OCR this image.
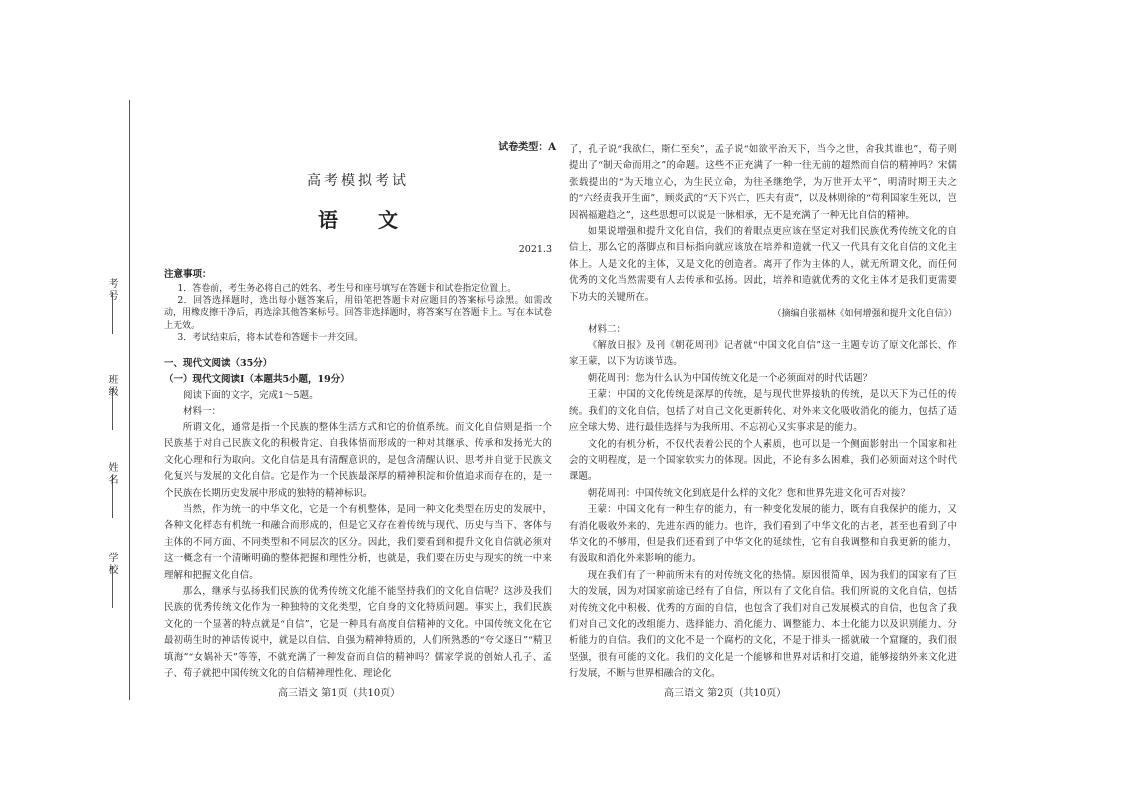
考号
班级
姓名
学校
试卷类型：A
高考模拟考试
语　　文
2021.3

注意事项：

1．答卷前，考生务必将自己的姓名、考生号和座号填写在答题卡和试卷指定位置上。

2．回答选择题时，选出每小题答案后，用铅笔把答题卡对应题目的答案标号涂黑。如需改动，用橡皮擦干净后，再选涂其他答案标号。回答非选择题时，将答案写在答题卡上。写在本试卷上无效。

3．考试结束后，将本试卷和答题卡一并交回。

一、现代文阅读（35分）

（一）现代文阅读Ⅰ（本题共5小题，19分）

阅读下面的文字，完成1～5题。

材料一：

所谓文化，通常是指一个民族的整体生活方式和它的价值系统。而文化自信则是指一个民族基于对自己民族文化的积极肯定、自我体悟而形成的一种对其继承、传承和发扬光大的文化心理和行为取向。文化自信是具有清醒意识的，是包含清醒认识、思考并自觉于民族文化复兴与发展的文化自信。它是作为一个民族最深厚的精神积淀和价值追求而存在的，是一个民族在长期历史发展中形成的独特的精神标识。

当然，作为统一的中华文化，它是一个有机整体，是同一种文化类型在历史的发展中，各种文化样态有机统一和融合而形成的，但是它又存在着传统与现代、历史与当下、客体与主体的不同方面、不同类型和不同层次的区分。因此，我们要看到和提升文化自信就必须对这一概念有一个清晰明确的整体把握和理性分析，也就是，我们要在历史与现实的统一中来理解和把握文化自信。

那么，继承与弘扬我们民族的优秀传统文化能不能坚持我们的文化自信呢？这涉及我们民族的优秀传统文化作为一种独特的文化类型，它自身的文化特质问题。事实上，我们民族文化的一个显著的特点就是“自信”，它是一种具有高度自信精神的文化。中国传统文化在它最初萌生时的神话传说中，就是以自信、自强为精神特质的，人们所熟悉的“夸父逐日”“精卫填海”“女娲补天”等等，不就充满了一种发奋而自信的精神吗？儒家学说的创始人孔子、孟子、荀子就把中国传统文化的自信精神理性化、理论化

了，孔子说“我欲仁，斯仁至矣”，孟子说“如欲平治天下，当今之世，舍我其谁也”，荀子则提出了“制天命而用之”的命题。这些不正充满了一种一往无前的超然而自信的精神吗？宋儒张载提出的“为天地立心，为生民立命，为往圣继绝学，为万世开太平”，明清时期王夫之的“六经责我开生面”，顾炎武的“天下兴亡，匹夫有责”，以及林则徐的“苟利国家生死以，岂因祸福避趋之”，这些思想可以说是一脉相承，无不是充满了一种无比自信的精神。

如果说增强和提升文化自信，我们的着眼点更应该在坚定对我们民族优秀传统文化的自信上，那么它的落脚点和目标指向就应该放在培养和造就一代又一代具有文化自信的文化主体上。人是文化的主体，又是文化的创造者。离开了作为主体的人，就无所谓文化，而任何优秀的文化当然需要有人去传承和弘扬。因此，培养和造就优秀的文化主体才是我们更需要下功夫的关键所在。

（摘编自张福林《如何增强和提升文化自信》）

材料二：

《解放日报》及刊《朝花周刊》记者就“中国文化自信”这一主题专访了原文化部长、作家王蒙，以下为访谈节选。

朝花周刊：您为什么认为中国传统文化是一个必须面对的时代话题？

王蒙：中国的文化传统是深厚的传统，是与现代世界接轨的传统，是以天下为己任的传统。我们的文化自信，包括了对自己文化更新转化、对外来文化吸收消化的能力，包括了适应全球大势、进行最佳选择与为我所用、不忘初心又实事求是的能力。

文化的有机分析，不仅代表着公民的个人素质，也可以是一个侧面影射出一个国家和社会的文明程度，是一个国家软实力的体现。因此，不论有多么困难，我们必须面对这个时代课题。

朝花周刊：中国传统文化到底是什么样的文化？您和世界先进文化可否对接？

王蒙：中国文化有一种生存的能力，有一种变化发展的能力，既有自我保护的能力，又有消化吸收外来的、先进东西的能力。也许，我们看到了中华文化的古老，甚至也看到了中华文化的不够用，但是我们还看到了中华文化的延续性，它有自我调整和自我更新的能力，有汲取和消化外来影响的能力。

现在我们有了一种前所未有的对传统文化的热情。原因很简单，因为我们的国家有了巨大的发展，因为对国家前途已经有了自信，所以有了文化自信。我们所说的文化自信，包括对传统文化中积极、优秀的方面的自信，也包含了我们对自己发展模式的自信，也包含了我们对自己文化的改组能力、选择能力、消化能力、调整能力、本土化能力以及识别能力、分析能力的自信。我们的文化不是一个腐朽的文化，不是于排头一摇就破一个窟窿的，我们很坚强，很有可能的文化。我们的文化是一个能够和世界对话和打交道，能够接纳外来文化进行发展，不断与世界相融合的文化。

高三语文 第1页（共10页）	高三语文 第2页（共10页）
